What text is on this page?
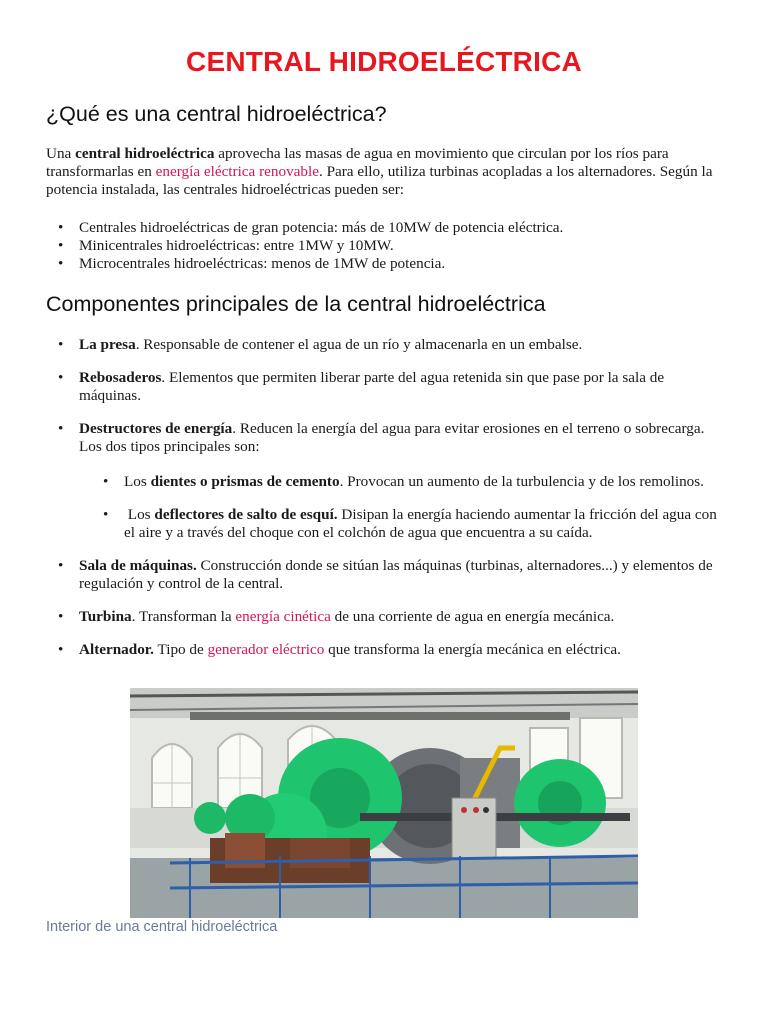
CENTRAL HIDROELÉCTRICA
¿Qué es una central hidroeléctrica?
Una central hidroeléctrica aprovecha las masas de agua en movimiento que circulan por los ríos para transformarlas en energía eléctrica renovable. Para ello, utiliza turbinas acopladas a los alternadores. Según la potencia instalada, las centrales hidroeléctricas pueden ser:
• Centrales hidroeléctricas de gran potencia: más de 10MW de potencia eléctrica.
• Minicentrales hidroeléctricas: entre 1MW y 10MW.
• Microcentrales hidroeléctricas: menos de 1MW de potencia.
Componentes principales de la central hidroeléctrica
• La presa. Responsable de contener el agua de un río y almacenarla en un embalse.
• Rebosaderos. Elementos que permiten liberar parte del agua retenida sin que pase por la sala de máquinas.
• Destructores de energía. Reducen la energía del agua para evitar erosiones en el terreno o sobrecarga. Los dos tipos principales son:
• Los dientes o prismas de cemento. Provocan un aumento de la turbulencia y de los remolinos.
•  Los deflectores de salto de esquí. Disipan la energía haciendo aumentar la fricción del agua con el aire y a través del choque con el colchón de agua que encuentra a su caída.
• Sala de máquinas. Construcción donde se sitúan las máquinas (turbinas, alternadores...) y elementos de regulación y control de la central.
• Turbina. Transforman la energía cinética de una corriente de agua en energía mecánica.
• Alternador. Tipo de generador eléctrico que transforma la energía mecánica en eléctrica.
Interior de una central hidroeléctrica
